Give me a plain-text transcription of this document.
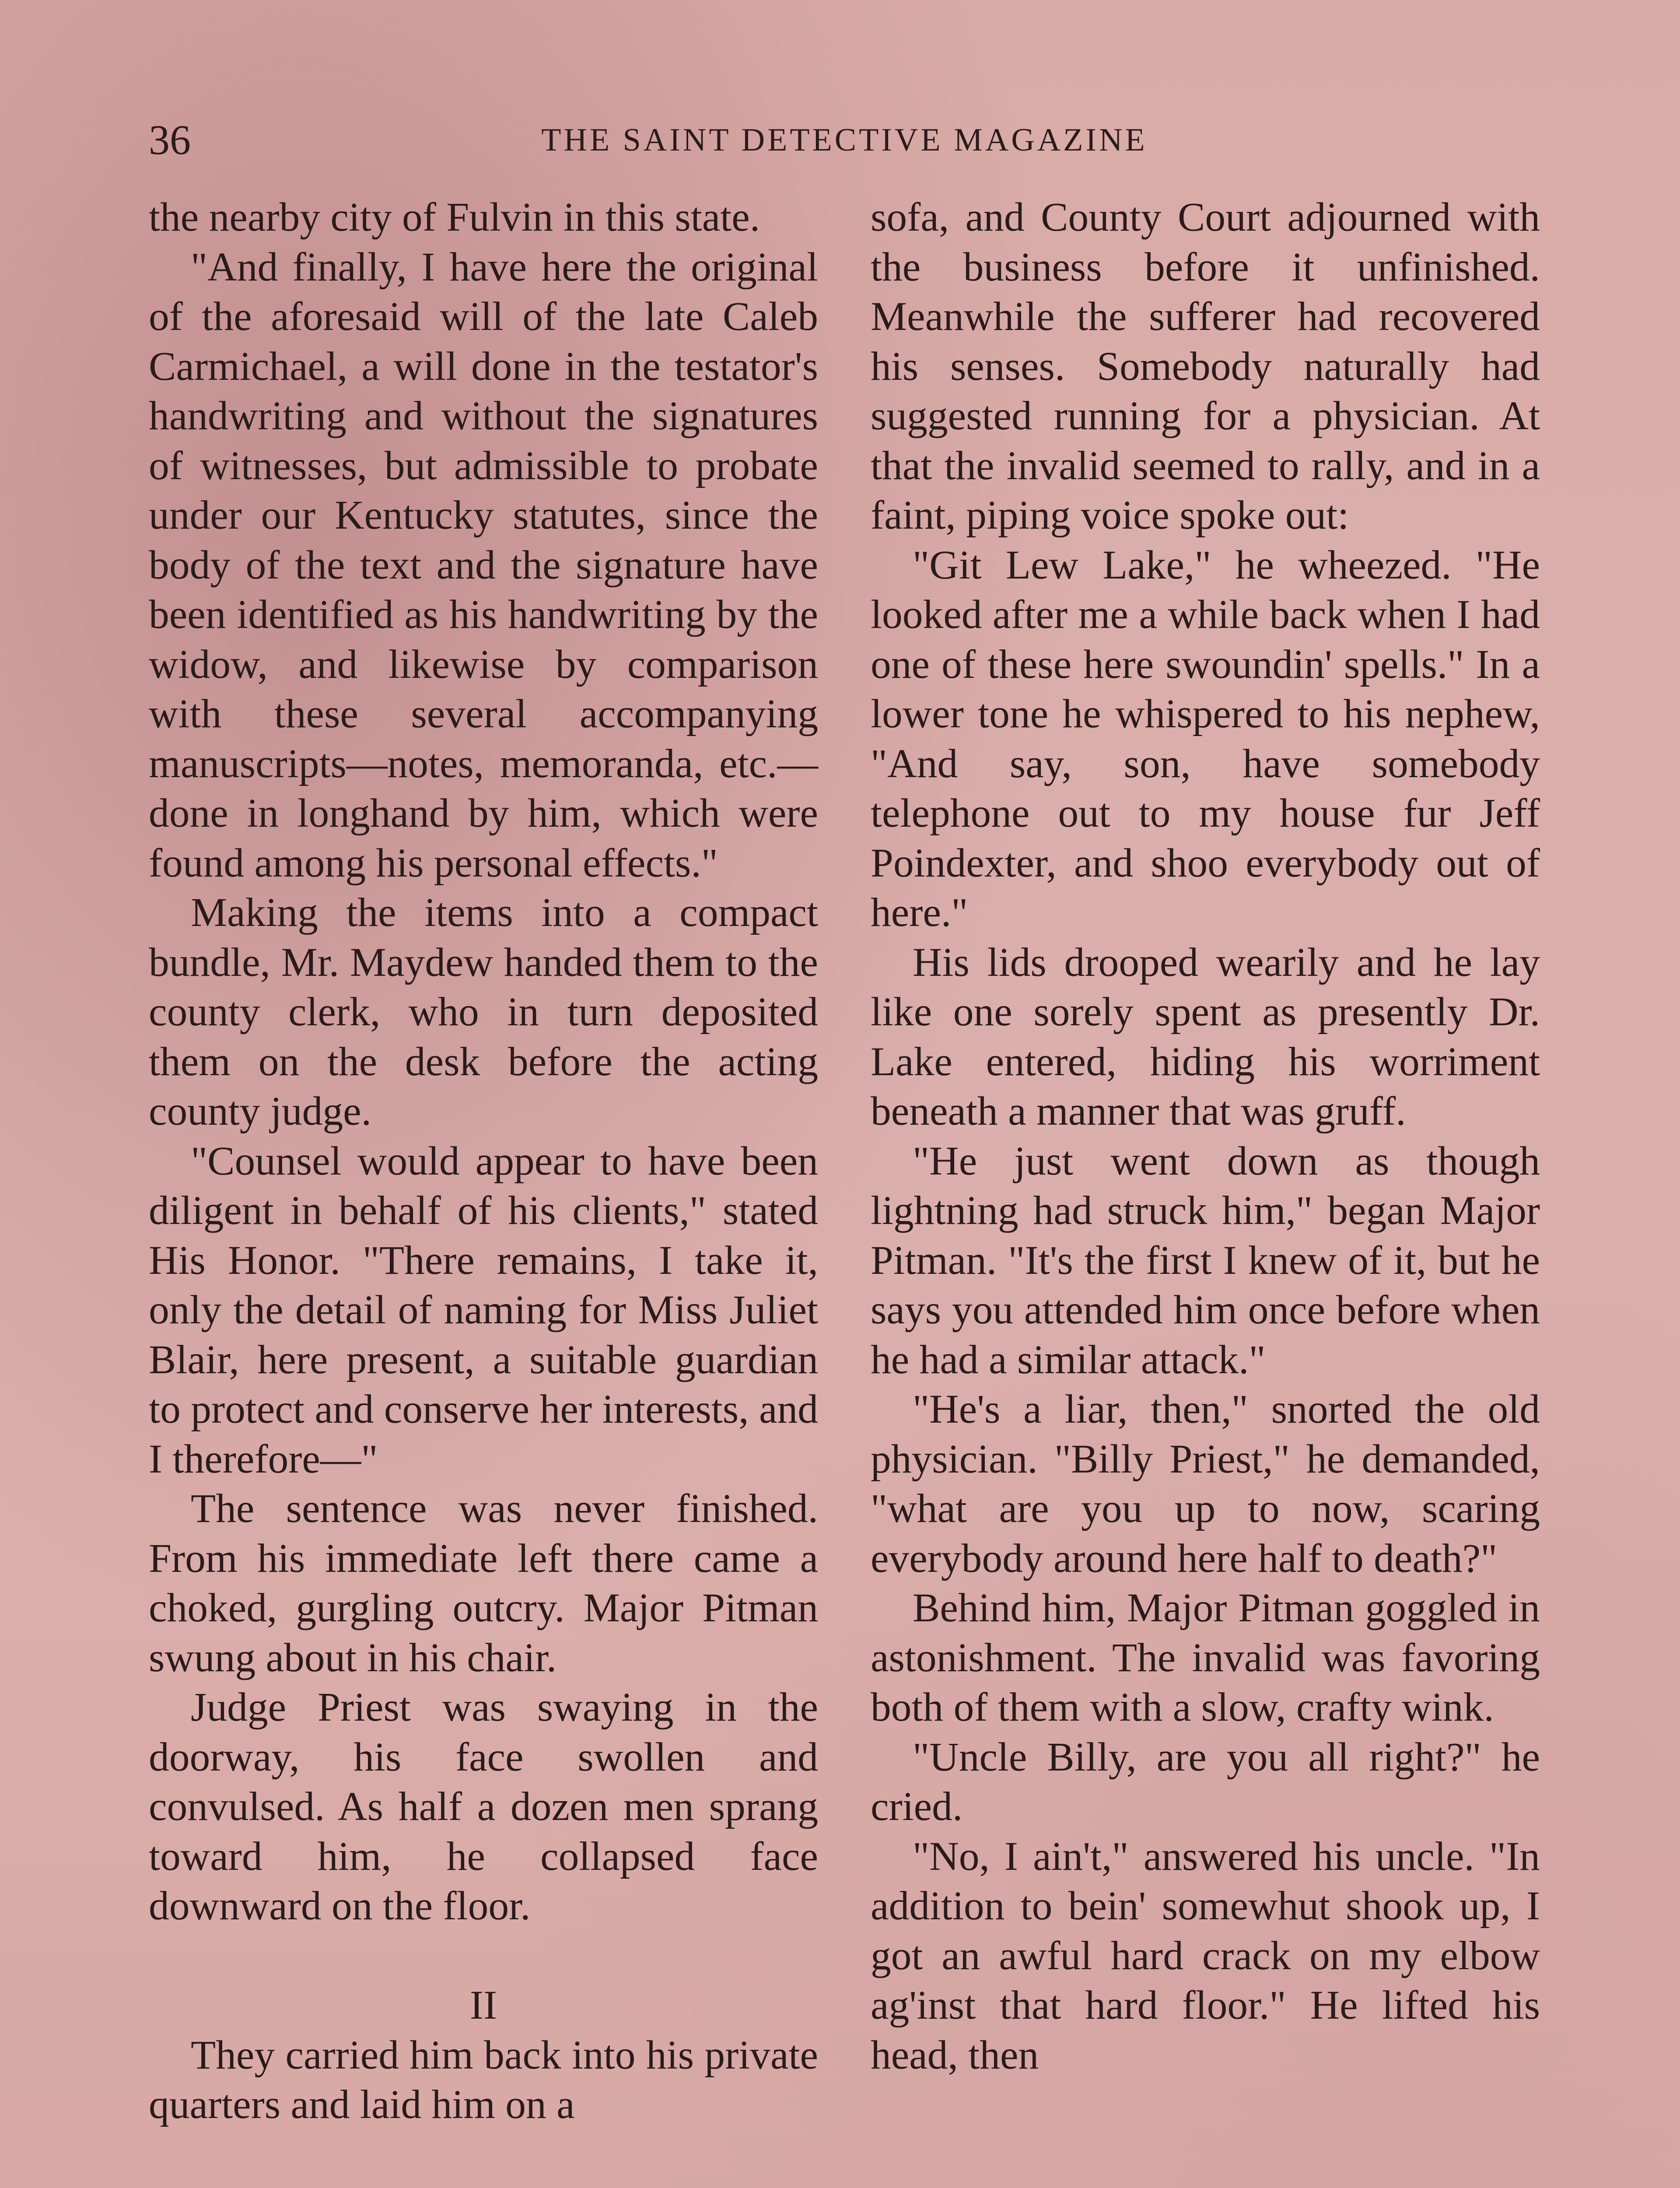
36	THE SAINT DETECTIVE MAGAZINE

the nearby city of Fulvin in this state.

"And finally, I have here the original of the aforesaid will of the late Caleb Carmichael, a will done in the testator's handwriting and without the signatures of witnesses, but admissible to probate under our Kentucky statutes, since the body of the text and the signature have been identified as his handwriting by the widow, and likewise by comparison with these several accompanying manuscripts—notes, memoranda, etc.—done in longhand by him, which were found among his personal effects."

Making the items into a compact bundle, Mr. Maydew handed them to the county clerk, who in turn deposited them on the desk before the acting county judge.

"Counsel would appear to have been diligent in behalf of his clients," stated His Honor. "There remains, I take it, only the detail of naming for Miss Juliet Blair, here present, a suitable guardian to protect and conserve her interests, and I therefore—"

The sentence was never finished. From his immediate left there came a choked, gurgling outcry. Major Pitman swung about in his chair.

Judge Priest was swaying in the doorway, his face swollen and convulsed. As half a dozen men sprang toward him, he collapsed face downward on the floor.

II

They carried him back into his private quarters and laid him on a

sofa, and County Court adjourned with the business before it unfinished. Meanwhile the sufferer had recovered his senses. Somebody naturally had suggested running for a physician. At that the invalid seemed to rally, and in a faint, piping voice spoke out:

"Git Lew Lake," he wheezed. "He looked after me a while back when I had one of these here swoundin' spells." In a lower tone he whispered to his nephew, "And say, son, have somebody telephone out to my house fur Jeff Poindexter, and shoo everybody out of here."

His lids drooped wearily and he lay like one sorely spent as presently Dr. Lake entered, hiding his worriment beneath a manner that was gruff.

"He just went down as though lightning had struck him," began Major Pitman. "It's the first I knew of it, but he says you attended him once before when he had a similar attack."

"He's a liar, then," snorted the old physician. "Billy Priest," he demanded, "what are you up to now, scaring everybody around here half to death?"

Behind him, Major Pitman goggled in astonishment. The invalid was favoring both of them with a slow, crafty wink.

"Uncle Billy, are you all right?" he cried.

"No, I ain't," answered his uncle. "In addition to bein' somewhut shook up, I got an awful hard crack on my elbow ag'inst that hard floor." He lifted his head, then
